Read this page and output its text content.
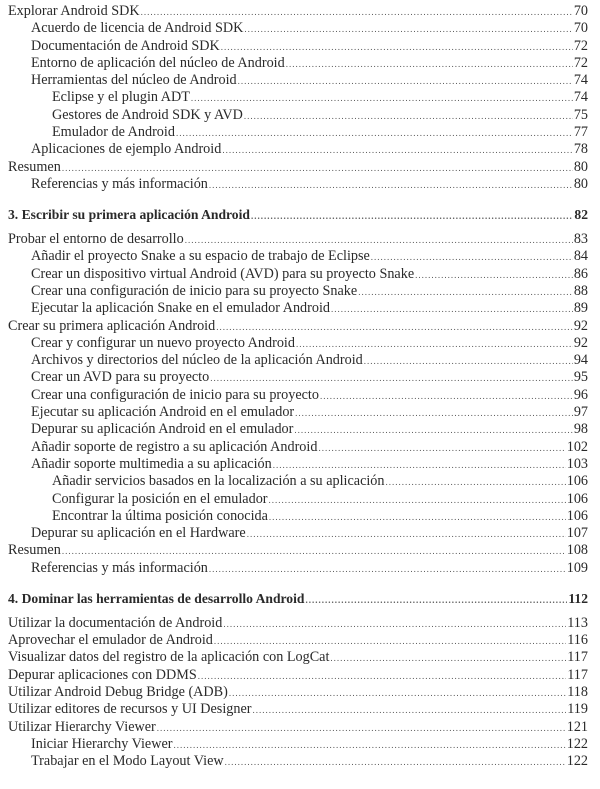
Explorar Android SDK .....	70
Acuerdo de licencia de Android SDK .....	70
Documentación de Android SDK .....	72
Entorno de aplicación del núcleo de Android .....	72
Herramientas del núcleo de Android .....	74
Eclipse y el plugin ADT .....	74
Gestores de Android SDK y AVD .....	75
Emulador de Android .....	77
Aplicaciones de ejemplo Android .....	78
Resumen .....	80
Referencias y más información .....	80
3. Escribir su primera aplicación Android .....	82
Probar el entorno de desarrollo .....	83
Añadir el proyecto Snake a su espacio de trabajo de Eclipse .....	84
Crear un dispositivo virtual Android (AVD) para su proyecto Snake .....	86
Crear una configuración de inicio para su proyecto Snake .....	88
Ejecutar la aplicación Snake en el emulador Android .....	89
Crear su primera aplicación Android .....	92
Crear y configurar un nuevo proyecto Android .....	92
Archivos y directorios del núcleo de la aplicación Android .....	94
Crear un AVD para su proyecto .....	95
Crear una configuración de inicio para su proyecto .....	96
Ejecutar su aplicación Android en el emulador .....	97
Depurar su aplicación Android en el emulador .....	98
Añadir soporte de registro a su aplicación Android .....	102
Añadir soporte multimedia a su aplicación .....	103
Añadir servicios basados en la localización a su aplicación .....	106
Configurar la posición en el emulador .....	106
Encontrar la última posición conocida .....	106
Depurar su aplicación en el Hardware .....	107
Resumen .....	108
Referencias y más información .....	109
4. Dominar las herramientas de desarrollo Android .....	112
Utilizar la documentación de Android .....	113
Aprovechar el emulador de Android .....	116
Visualizar datos del registro de la aplicación con LogCat .....	117
Depurar aplicaciones con DDMS .....	117
Utilizar Android Debug Bridge (ADB) .....	118
Utilizar editores de recursos y UI Designer .....	119
Utilizar Hierarchy Viewer .....	121
Iniciar Hierarchy Viewer .....	122
Trabajar en el Modo Layout View .....	122
